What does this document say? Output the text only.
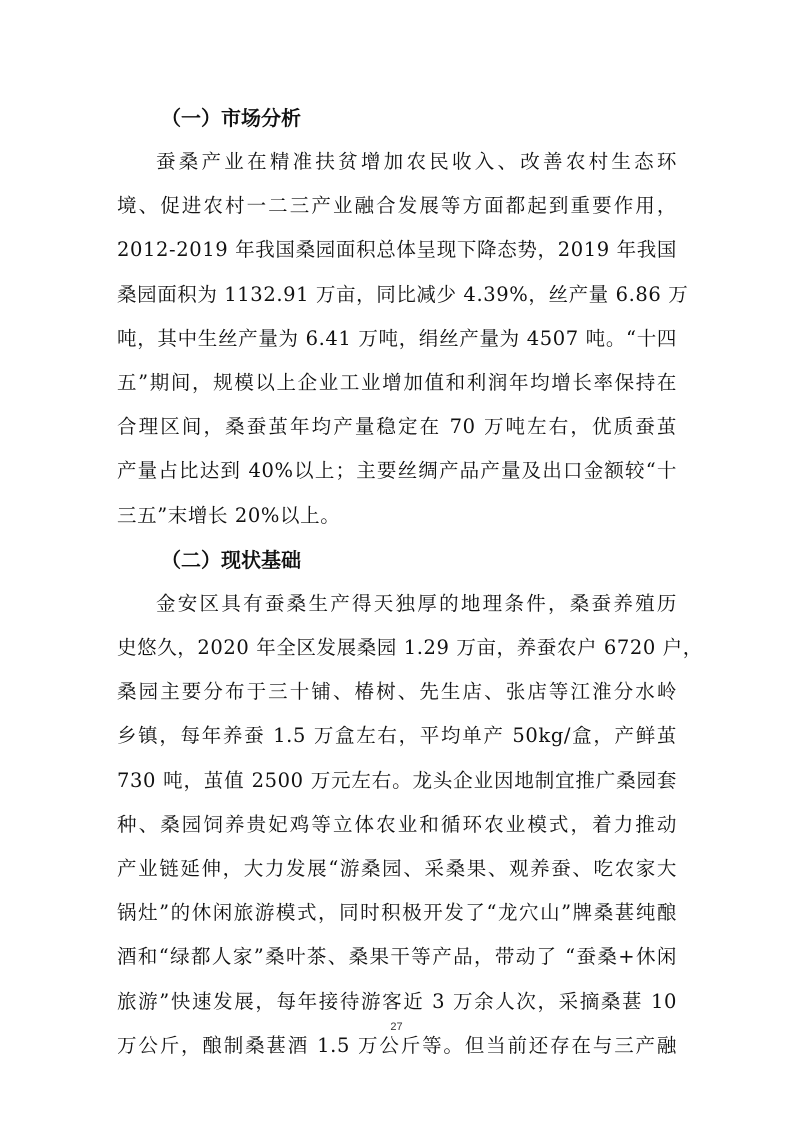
（一）市场分析
蚕桑产业在精准扶贫增加农民收入、改善农村生态环
境、促进农村一二三产业融合发展等方面都起到重要作用，
2012-2019 年我国桑园面积总体呈现下降态势，2019 年我国
桑园面积为 1132.91 万亩，同比减少 4.39%，丝产量 6.86 万
吨，其中生丝产量为 6.41 万吨，绢丝产量为 4507 吨。“十四
五”期间，规模以上企业工业增加值和利润年均增长率保持在
合理区间，桑蚕茧年均产量稳定在 70 万吨左右，优质蚕茧
产量占比达到 40%以上；主要丝绸产品产量及出口金额较“十
三五”末增长 20%以上。
（二）现状基础
金安区具有蚕桑生产得天独厚的地理条件，桑蚕养殖历
史悠久，2020 年全区发展桑园 1.29 万亩，养蚕农户 6720 户，
桑园主要分布于三十铺、椿树、先生店、张店等江淮分水岭
乡镇，每年养蚕 1.5 万盒左右，平均单产 50kg/盒，产鲜茧
730 吨，茧值 2500 万元左右。龙头企业因地制宜推广桑园套
种、桑园饲养贵妃鸡等立体农业和循环农业模式，着力推动
产业链延伸，大力发展“游桑园、采桑果、观养蚕、吃农家大
锅灶”的休闲旅游模式，同时积极开发了“龙穴山”牌桑葚纯酿
酒和“绿都人家”桑叶茶、桑果干等产品，带动了 “蚕桑+休闲
旅游”快速发展，每年接待游客近 3 万余人次，采摘桑葚 10
万公斤，酿制桑葚酒 1.5 万公斤等。但当前还存在与三产融
27
